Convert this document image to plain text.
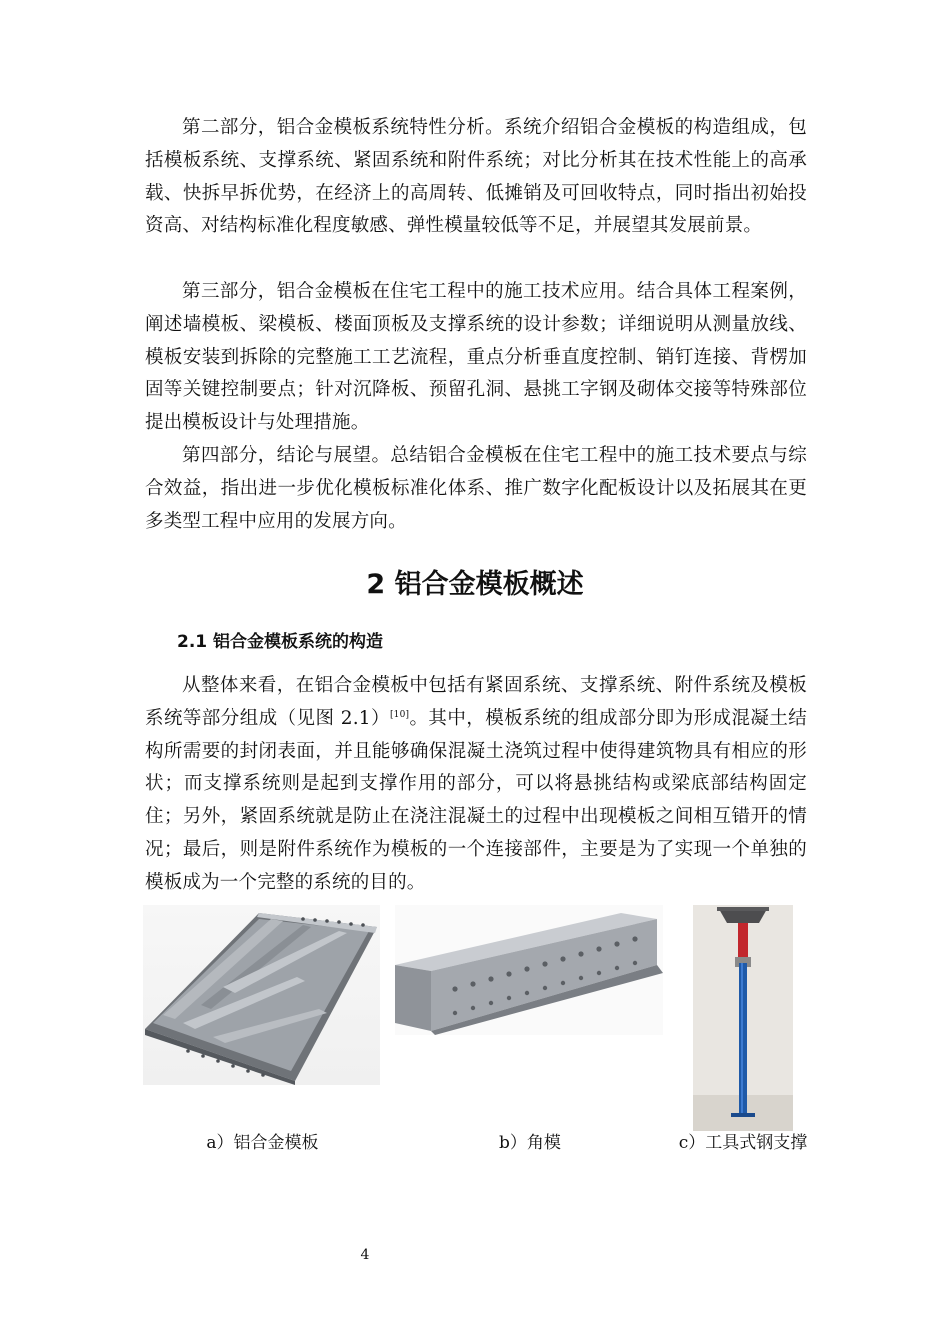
第二部分，铝合金模板系统特性分析。系统介绍铝合金模板的构造组成，包括模板系统、支撑系统、紧固系统和附件系统；对比分析其在技术性能上的高承载、快拆早拆优势，在经济上的高周转、低摊销及可回收特点，同时指出初始投资高、对结构标准化程度敏感、弹性模量较低等不足，并展望其发展前景。

第三部分，铝合金模板在住宅工程中的施工技术应用。结合具体工程案例，阐述墙模板、梁模板、楼面顶板及支撑系统的设计参数；详细说明从测量放线、模板安装到拆除的完整施工工艺流程，重点分析垂直度控制、销钉连接、背楞加固等关键控制要点；针对沉降板、预留孔洞、悬挑工字钢及砌体交接等特殊部位提出模板设计与处理措施。

第四部分，结论与展望。总结铝合金模板在住宅工程中的施工技术要点与综合效益，指出进一步优化模板标准化体系、推广数字化配板设计以及拓展其在更多类型工程中应用的发展方向。

2 铝合金模板概述
2.1 铝合金模板系统的构造

从整体来看，在铝合金模板中包括有紧固系统、支撑系统、附件系统及模板系统等部分组成（见图 2.1）[10]。其中，模板系统的组成部分即为形成混凝土结构所需要的封闭表面，并且能够确保混凝土浇筑过程中使得建筑物具有相应的形状；而支撑系统则是起到支撑作用的部分，可以将悬挑结构或梁底部结构固定住；另外，紧固系统就是防止在浇注混凝土的过程中出现模板之间相互错开的情况；最后，则是附件系统作为模板的一个连接部件，主要是为了实现一个单独的模板成为一个完整的系统的目的。

a）铝合金模板	b）角模	c）工具式钢支撑
4
